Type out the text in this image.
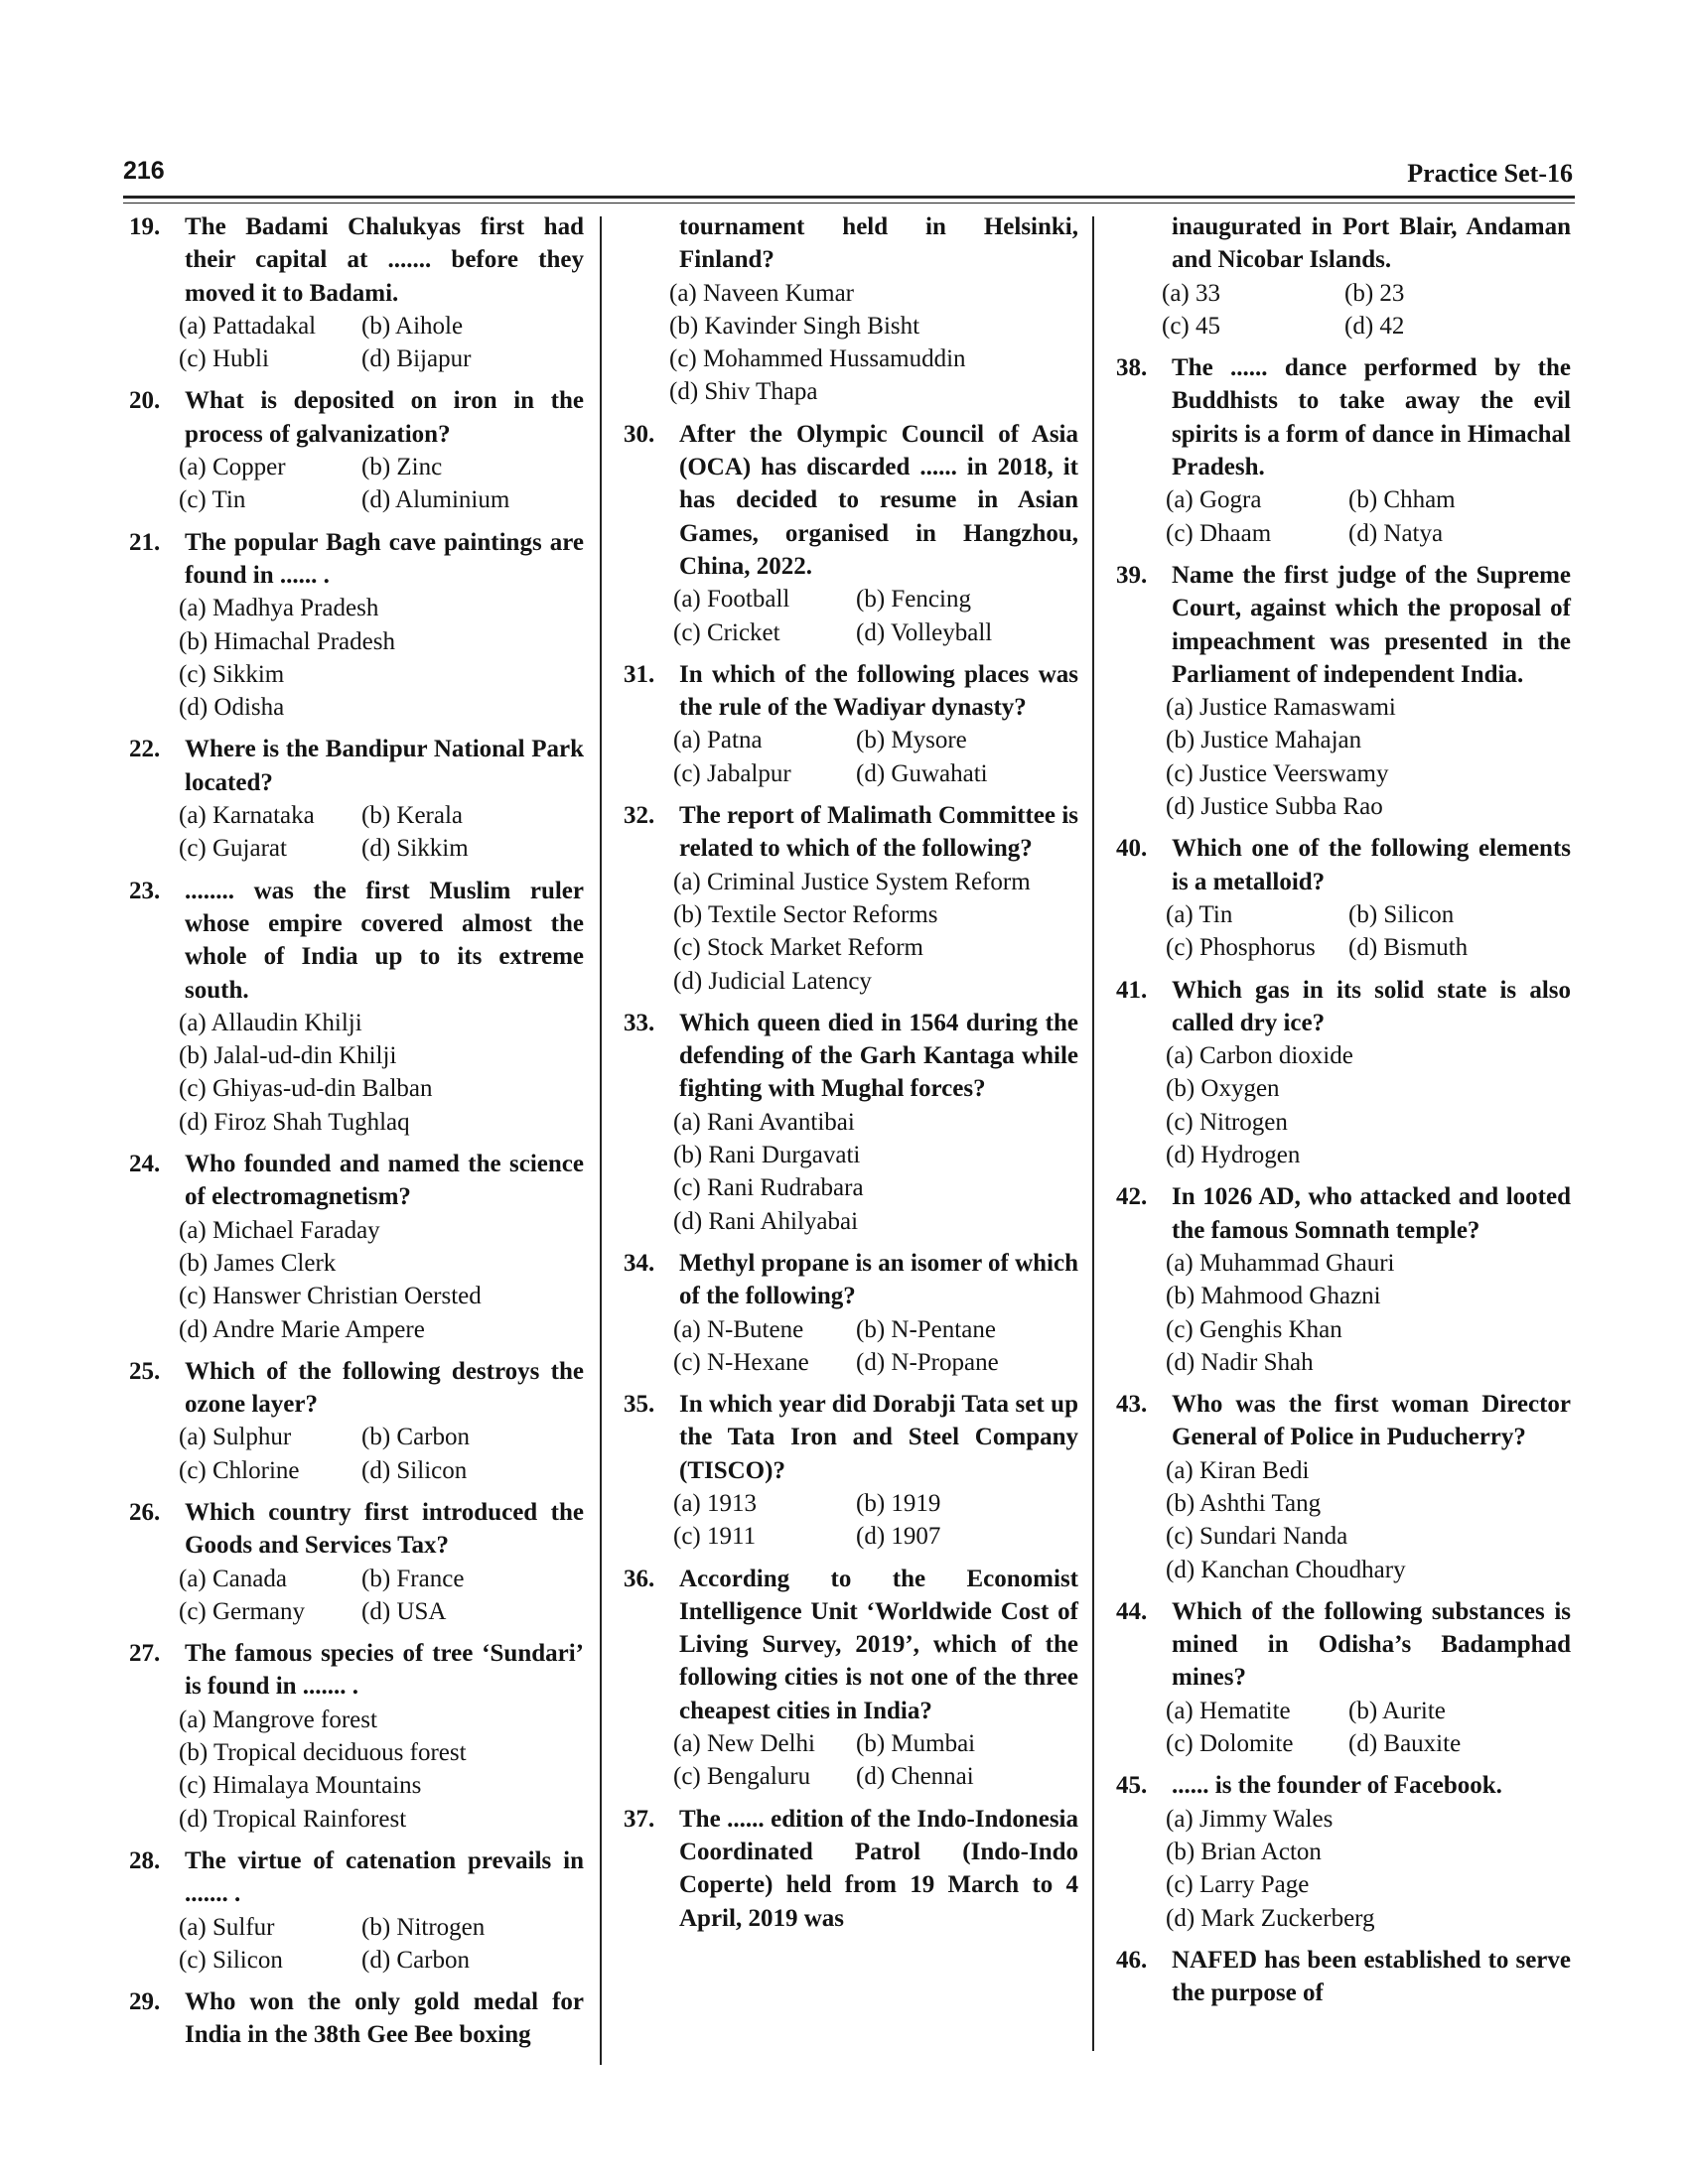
216	Practice Set-16
19. The Badami Chalukyas first had their capital at ....... before they moved it to Badami.
(a) Pattadakal	(b) Aihole
(c) Hubli	(d) Bijapur
20. What is deposited on iron in the process of galvanization?
(a) Copper	(b) Zinc
(c) Tin	(d) Aluminium
21. The popular Bagh cave paintings are found in ...... .
(a) Madhya Pradesh
(b) Himachal Pradesh
(c) Sikkim
(d) Odisha
22. Where is the Bandipur National Park located?
(a) Karnataka	(b) Kerala
(c) Gujarat	(d) Sikkim
23. ........ was the first Muslim ruler whose empire covered almost the whole of India up to its extreme south.
(a) Allaudin Khilji
(b) Jalal-ud-din Khilji
(c) Ghiyas-ud-din Balban
(d) Firoz Shah Tughlaq
24. Who founded and named the science of electromagnetism?
(a) Michael Faraday
(b) James Clerk
(c) Hanswer Christian Oersted
(d) Andre Marie Ampere
25. Which of the following destroys the ozone layer?
(a) Sulphur	(b) Carbon
(c) Chlorine	(d) Silicon
26. Which country first introduced the Goods and Services Tax?
(a) Canada	(b) France
(c) Germany	(d) USA
27. The famous species of tree ‘Sundari’ is found in ....... .
(a) Mangrove forest
(b) Tropical deciduous forest
(c) Himalaya Mountains
(d) Tropical Rainforest
28. The virtue of catenation prevails in ....... .
(a) Sulfur	(b) Nitrogen
(c) Silicon	(d) Carbon
29. Who won the only gold medal for India in the 38th Gee Bee boxing
tournament held in Helsinki, Finland?
(a) Naveen Kumar
(b) Kavinder Singh Bisht
(c) Mohammed Hussamuddin
(d) Shiv Thapa
30. After the Olympic Council of Asia (OCA) has discarded ...... in 2018, it has decided to resume in Asian Games, organised in Hangzhou, China, 2022.
(a) Football	(b) Fencing
(c) Cricket	(d) Volleyball
31. In which of the following places was the rule of the Wadiyar dynasty?
(a) Patna	(b) Mysore
(c) Jabalpur	(d) Guwahati
32. The report of Malimath Committee is related to which of the following?
(a) Criminal Justice System Reform
(b) Textile Sector Reforms
(c) Stock Market Reform
(d) Judicial Latency
33. Which queen died in 1564 during the defending of the Garh Kantaga while fighting with Mughal forces?
(a) Rani Avantibai
(b) Rani Durgavati
(c) Rani Rudrabara
(d) Rani Ahilyabai
34. Methyl propane is an isomer of which of the following?
(a) N-Butene	(b) N-Pentane
(c) N-Hexane	(d) N-Propane
35. In which year did Dorabji Tata set up the Tata Iron and Steel Company (TISCO)?
(a) 1913	(b) 1919
(c) 1911	(d) 1907
36. According to the Economist Intelligence Unit ‘Worldwide Cost of Living Survey, 2019’, which of the following cities is not one of the three cheapest cities in India?
(a) New Delhi	(b) Mumbai
(c) Bengaluru	(d) Chennai
37. The ...... edition of the Indo-Indonesia Coordinated Patrol (Indo-Indo Coperte) held from 19 March to 4 April, 2019 was
inaugurated in Port Blair, Andaman and Nicobar Islands.
(a) 33	(b) 23
(c) 45	(d) 42
38. The ...... dance performed by the Buddhists to take away the evil spirits is a form of dance in Himachal Pradesh.
(a) Gogra	(b) Chham
(c) Dhaam	(d) Natya
39. Name the first judge of the Supreme Court, against which the proposal of impeachment was presented in the Parliament of independent India.
(a) Justice Ramaswami
(b) Justice Mahajan
(c) Justice Veerswamy
(d) Justice Subba Rao
40. Which one of the following elements is a metalloid?
(a) Tin	(b) Silicon
(c) Phosphorus	(d) Bismuth
41. Which gas in its solid state is also called dry ice?
(a) Carbon dioxide
(b) Oxygen
(c) Nitrogen
(d) Hydrogen
42. In 1026 AD, who attacked and looted the famous Somnath temple?
(a) Muhammad Ghauri
(b) Mahmood Ghazni
(c) Genghis Khan
(d) Nadir Shah
43. Who was the first woman Director General of Police in Puducherry?
(a) Kiran Bedi
(b) Ashthi Tang
(c) Sundari Nanda
(d) Kanchan Choudhary
44. Which of the following substances is mined in Odisha’s Badamphad mines?
(a) Hematite	(b) Aurite
(c) Dolomite	(d) Bauxite
45. ...... is the founder of Facebook.
(a) Jimmy Wales
(b) Brian Acton
(c) Larry Page
(d) Mark Zuckerberg
46. NAFED has been established to serve the purpose of
